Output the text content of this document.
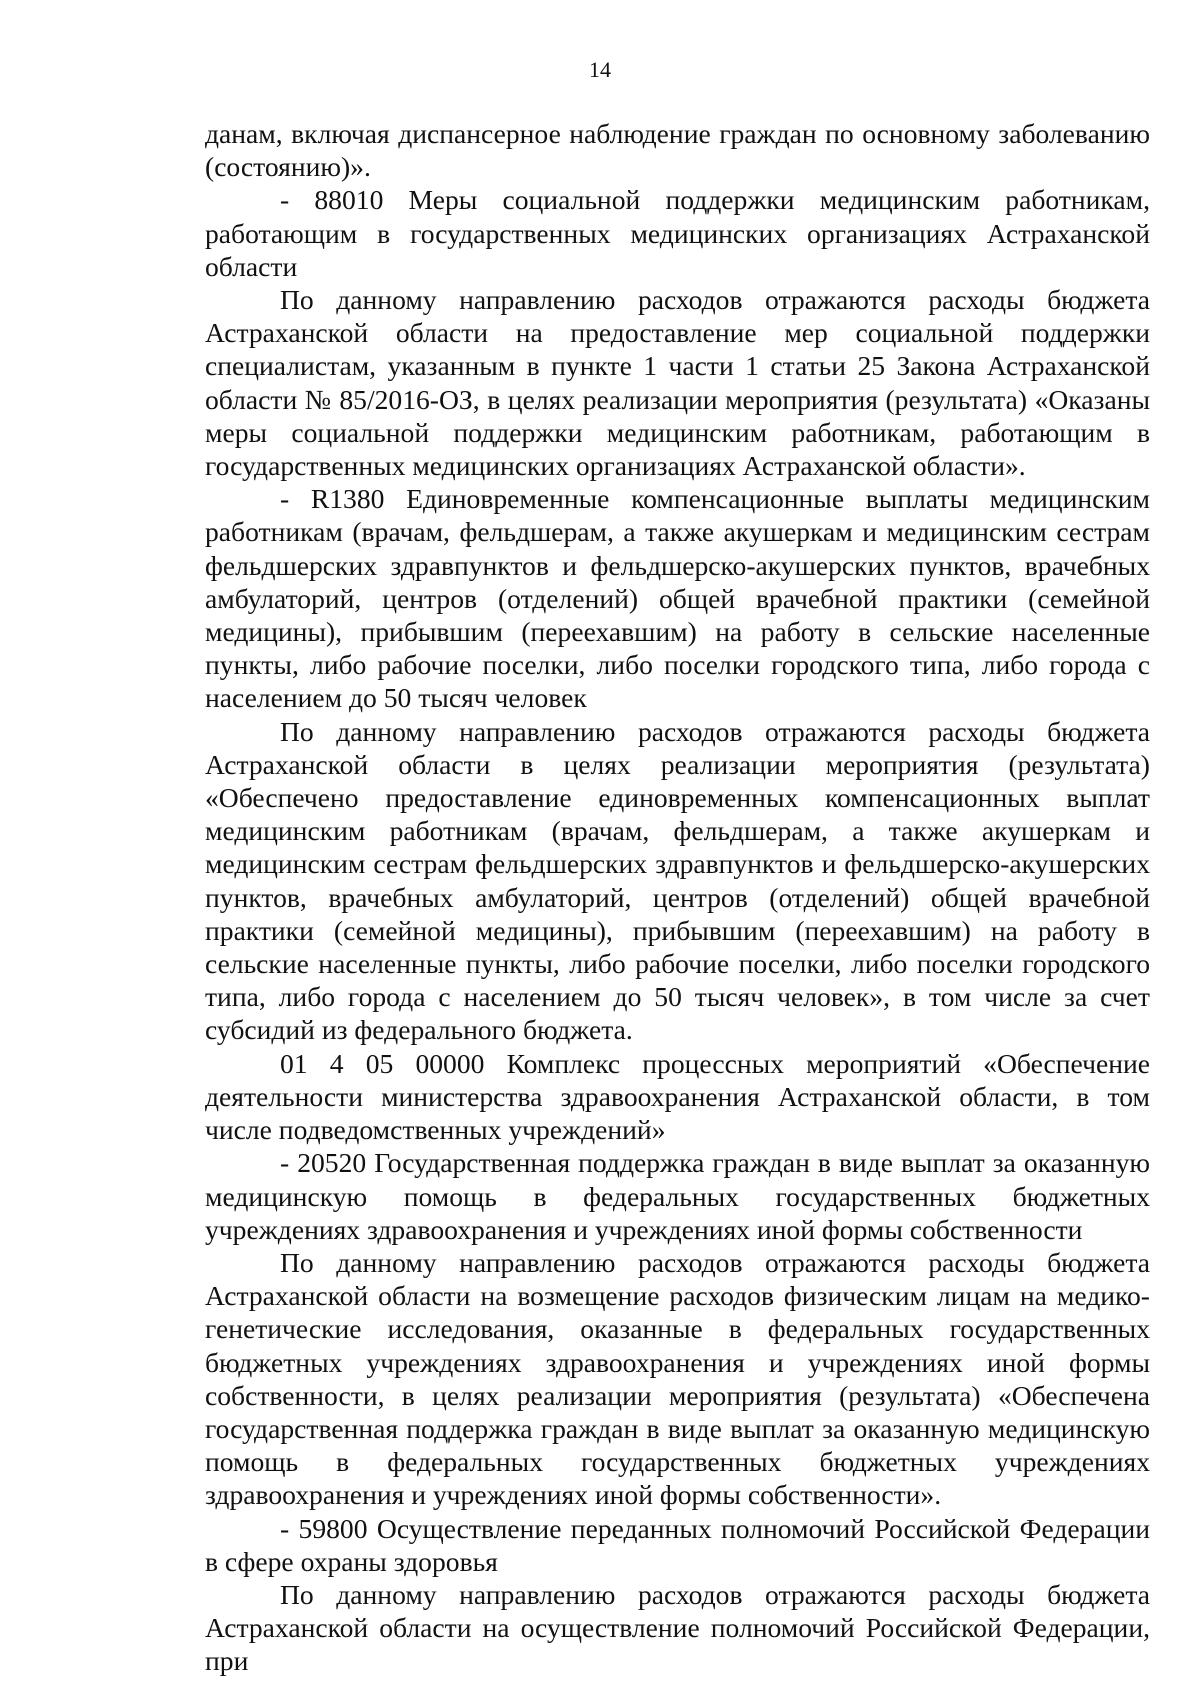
14

данам, включая диспансерное наблюдение граждан по основному заболеванию (состоянию)».

- 88010 Меры социальной поддержки медицинским работникам, работающим в государственных медицинских организациях Астраханской области

По данному направлению расходов отражаются расходы бюджета Астраханской области на предоставление мер социальной поддержки специалистам, указанным в пункте 1 части 1 статьи 25 Закона Астраханской области № 85/2016-ОЗ, в целях реализации мероприятия (результата) «Оказаны меры социальной поддержки медицинским работникам, работающим в государственных медицинских организациях Астраханской области».

- R1380 Единовременные компенсационные выплаты медицинским работникам (врачам, фельдшерам, а также акушеркам и медицинским сестрам фельдшерских здравпунктов и фельдшерско-акушерских пунктов, врачебных амбулаторий, центров (отделений) общей врачебной практики (семейной медицины), прибывшим (переехавшим) на работу в сельские населенные пункты, либо рабочие поселки, либо поселки городского типа, либо города с населением до 50 тысяч человек

По данному направлению расходов отражаются расходы бюджета Астраханской области в целях реализации мероприятия (результата) «Обеспечено предоставление единовременных компенсационных выплат медицинским работникам (врачам, фельдшерам, а также акушеркам и медицинским сестрам фельдшерских здравпунктов и фельдшерско-акушерских пунктов, врачебных амбулаторий, центров (отделений) общей врачебной практики (семейной медицины), прибывшим (переехавшим) на работу в сельские населенные пункты, либо рабочие поселки, либо поселки городского типа, либо города с населением до 50 тысяч человек», в том числе за счет субсидий из федерального бюджета.

01 4 05 00000 Комплекс процессных мероприятий «Обеспечение деятельности министерства здравоохранения Астраханской области, в том числе подведомственных учреждений»

- 20520 Государственная поддержка граждан в виде выплат за оказанную медицинскую помощь в федеральных государственных бюджетных учреждениях здравоохранения и учреждениях иной формы собственности

По данному направлению расходов отражаются расходы бюджета Астраханской области на возмещение расходов физическим лицам на медико-генетические исследования, оказанные в федеральных государственных бюджетных учреждениях здравоохранения и учреждениях иной формы собственности, в целях реализации мероприятия (результата) «Обеспечена государственная поддержка граждан в виде выплат за оказанную медицинскую помощь в федеральных государственных бюджетных учреждениях здравоохранения и учреждениях иной формы собственности».

- 59800 Осуществление переданных полномочий Российской Федерации в сфере охраны здоровья

По данному направлению расходов отражаются расходы бюджета Астраханской области на осуществление полномочий Российской Федерации, при
